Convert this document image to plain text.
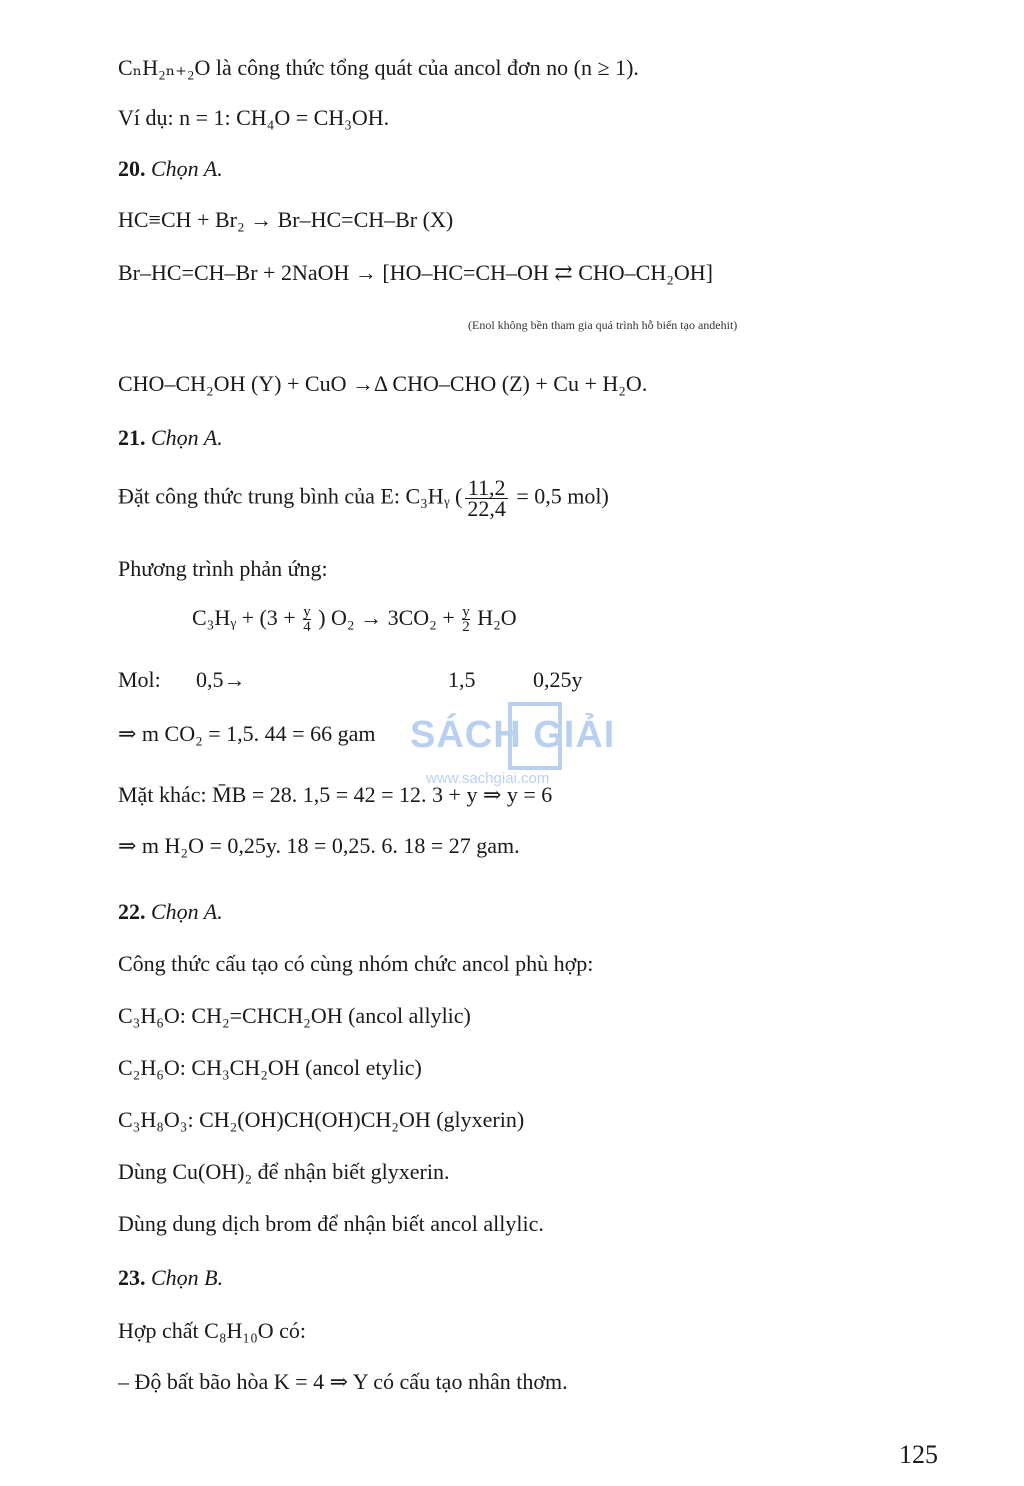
CₙH₂ₙ₊₂O là công thức tổng quát của ancol đơn no (n ≥ 1).
Ví dụ: n = 1: CH₄O = CH₃OH.
20. Chọn A.
HC≡CH + Br₂ → Br–HC=CH–Br (X)
Br–HC=CH–Br + 2NaOH → [HO–HC=CH–OH ⇄ CHO–CH₂OH]
(Enol không bền tham gia quá trình hỗ biến tạo andehit)
CHO–CH₂OH (Y) + CuO →Δ CHO–CHO (Z) + Cu + H₂O.
21. Chọn A.
Đặt công thức trung bình của E: C₃Hᵧ ( $\frac{11,2}{22,4} = 0,5$ mol)
Phương trình phản ứng:
C₃Hᵧ + ($3 + \frac{y}{4}$ ) $O_2 \to 3CO_2 + \frac{y}{2} H_2O$
Mol: 0,5→	1,5	0,25y
⇒ m CO₂ = 1,5. 44 = 66 gam SÁCH GIẢI
www.sachgiai.com
Mặt khác: M̄B = 28. 1,5 = 42 = 12. 3 + y ⇒ y = 6
⇒ m H₂O = 0,25y. 18 = 0,25. 6. 18 = 27 gam.
22. Chọn A.
Công thức cấu tạo có cùng nhóm chức ancol phù hợp:
C₃H₆O: CH₂=CHCH₂OH (ancol allylic)
C₂H₆O: CH₃CH₂OH (ancol etylic)
C₃H₈O₃: CH₂(OH)CH(OH)CH₂OH (glyxerin)
Dùng Cu(OH)₂ để nhận biết glyxerin.
Dùng dung dịch brom để nhận biết ancol allylic.
23. Chọn B.
Hợp chất C₈H₁₀O có:
– Độ bất bão hòa K = 4 ⇒ Y có cấu tạo nhân thơm.
125
